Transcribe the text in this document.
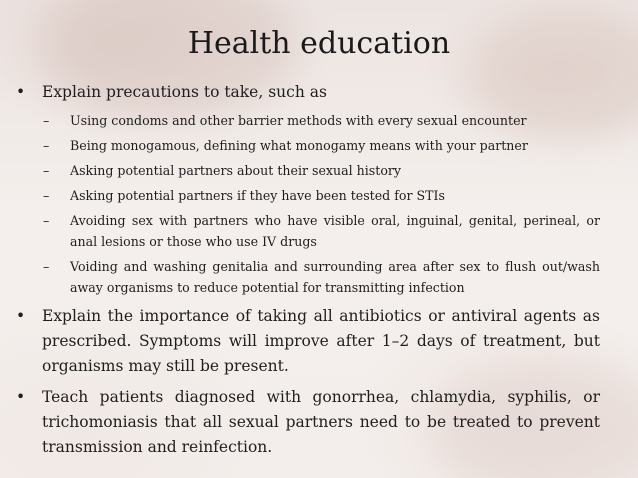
Health education
• Explain precautions to take, such as
– Using condoms and other barrier methods with every sexual encounter
– Being monogamous, defining what monogamy means with your partner
– Asking potential partners about their sexual history
– Asking potential partners if they have been tested for STIs
– Avoiding sex with partners who have visible oral, inguinal, genital, perineal, or anal lesions or those who use IV drugs
– Voiding and washing genitalia and surrounding area after sex to flush out/wash away organisms to reduce potential for transmitting infection
• Explain the importance of taking all antibiotics or antiviral agents as prescribed. Symptoms will improve after 1–2 days of treatment, but organisms may still be present.
• Teach patients diagnosed with gonorrhea, chlamydia, syphilis, or trichomoniasis that all sexual partners need to be treated to prevent transmission and reinfection.
